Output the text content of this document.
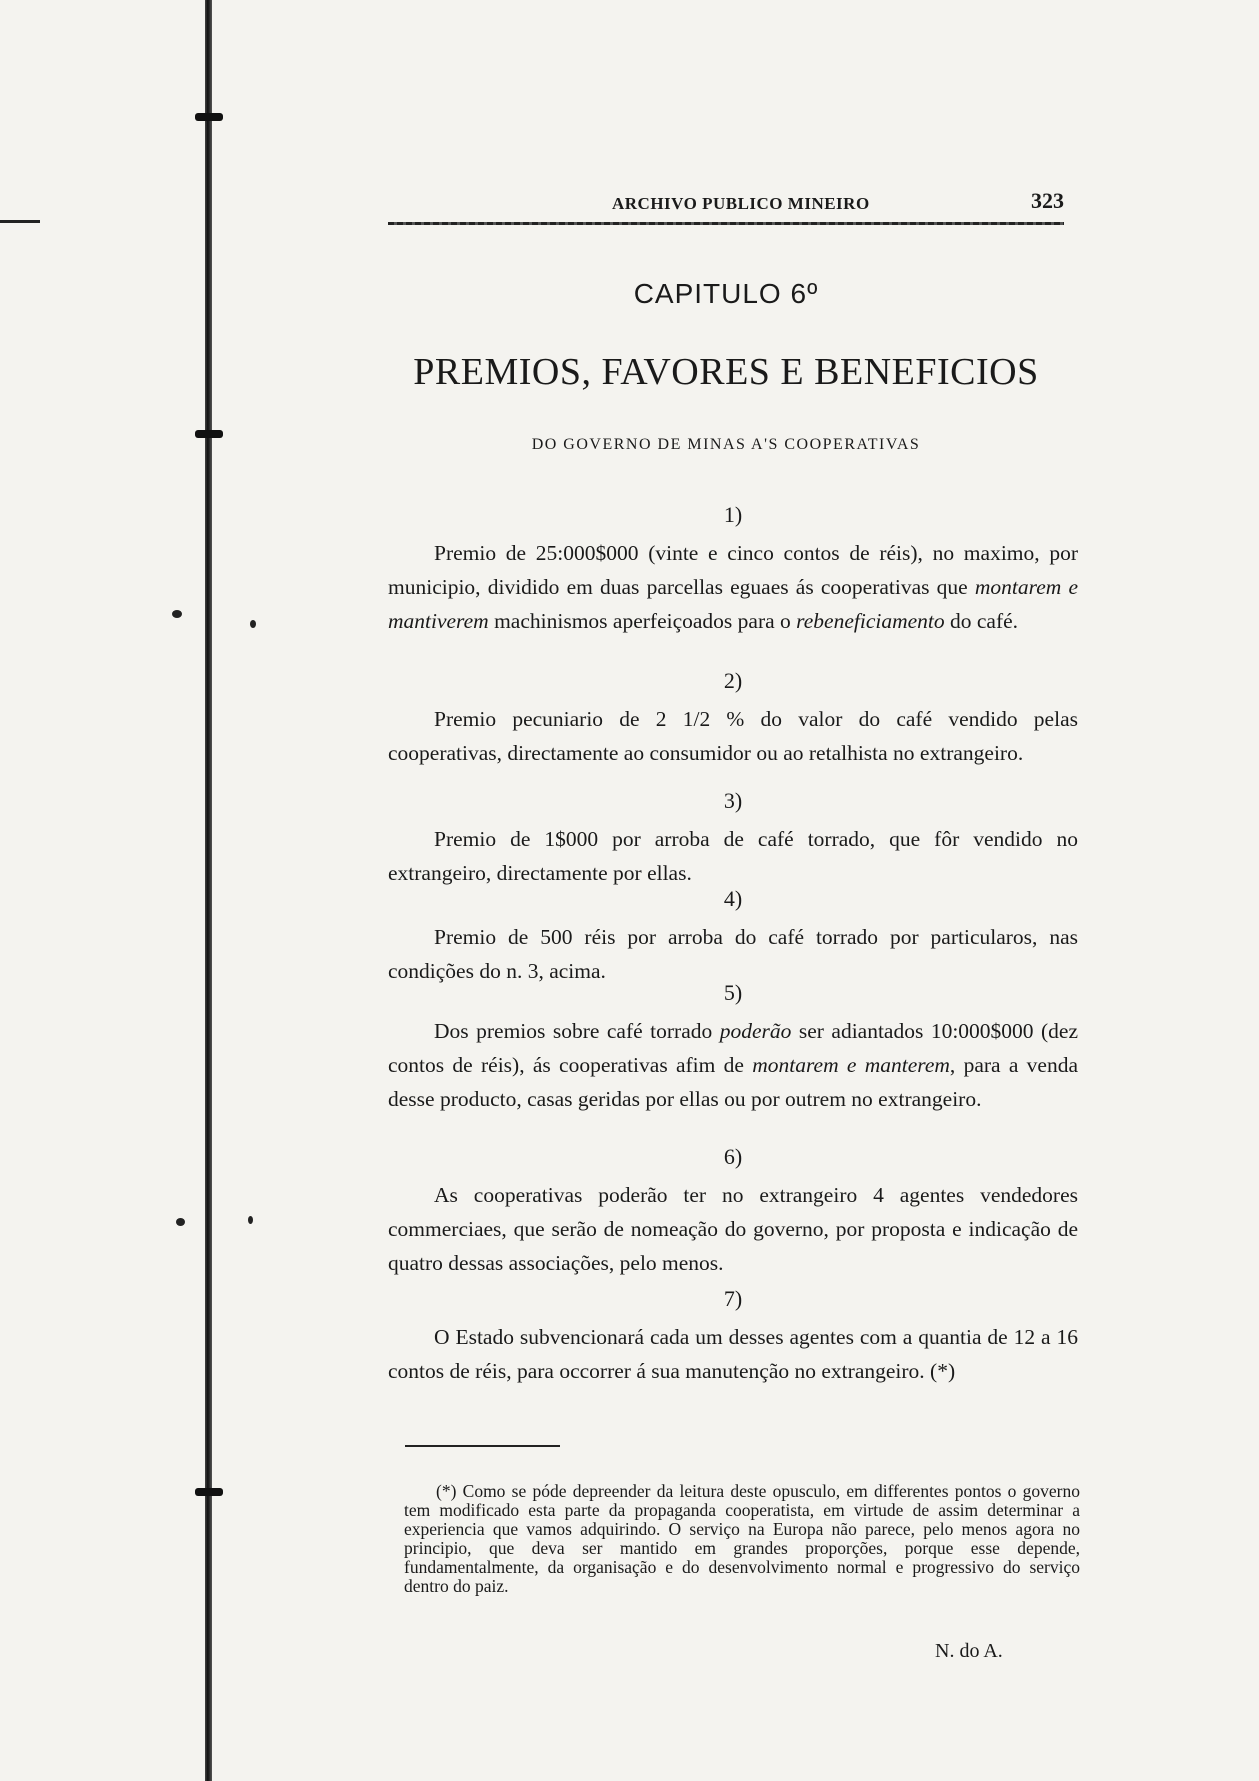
ARCHIVO PUBLICO MINEIRO	323
CAPITULO 6º
PREMIOS, FAVORES E BENEFICIOS
DO GOVERNO DE MINAS A'S COOPERATIVAS
1)
Premio de 25:000$000 (vinte e cinco contos de réis), no maximo, por municipio, dividido em duas parcellas eguaes ás cooperativas que montarem e mantiverem machinismos aperfeiçoados para o rebeneficiamento do café.
2)
Premio pecuniario de 2 1/2 % do valor do café vendido pelas cooperativas, directamente ao consumidor ou ao retalhista no extrangeiro.
3)
Premio de 1$000 por arroba de café torrado, que fôr vendido no extrangeiro, directamente por ellas.
4)
Premio de 500 réis por arroba do café torrado por particularos, nas condições do n. 3, acima.
5)
Dos premios sobre café torrado poderão ser adiantados 10:000$000 (dez contos de réis), ás cooperativas afim de montarem e manterem, para a venda desse producto, casas geridas por ellas ou por outrem no extrangeiro.
6)
As cooperativas poderão ter no extrangeiro 4 agentes vendedores commerciaes, que serão de nomeação do governo, por proposta e indicação de quatro dessas associações, pelo menos.
7)
O Estado subvencionará cada um desses agentes com a quantia de 12 a 16 contos de réis, para occorrer á sua manutenção no extrangeiro. (*)
(*) Como se póde depreender da leitura deste opusculo, em differentes pontos o governo tem modificado esta parte da propaganda cooperatista, em virtude de assim determinar a experiencia que vamos adquirindo. O serviço na Europa não parece, pelo menos agora no principio, que deva ser mantido em grandes proporções, porque esse depende, fundamentalmente, da organisação e do desenvolvimento normal e progressivo do serviço dentro do paiz.
N. do A.
